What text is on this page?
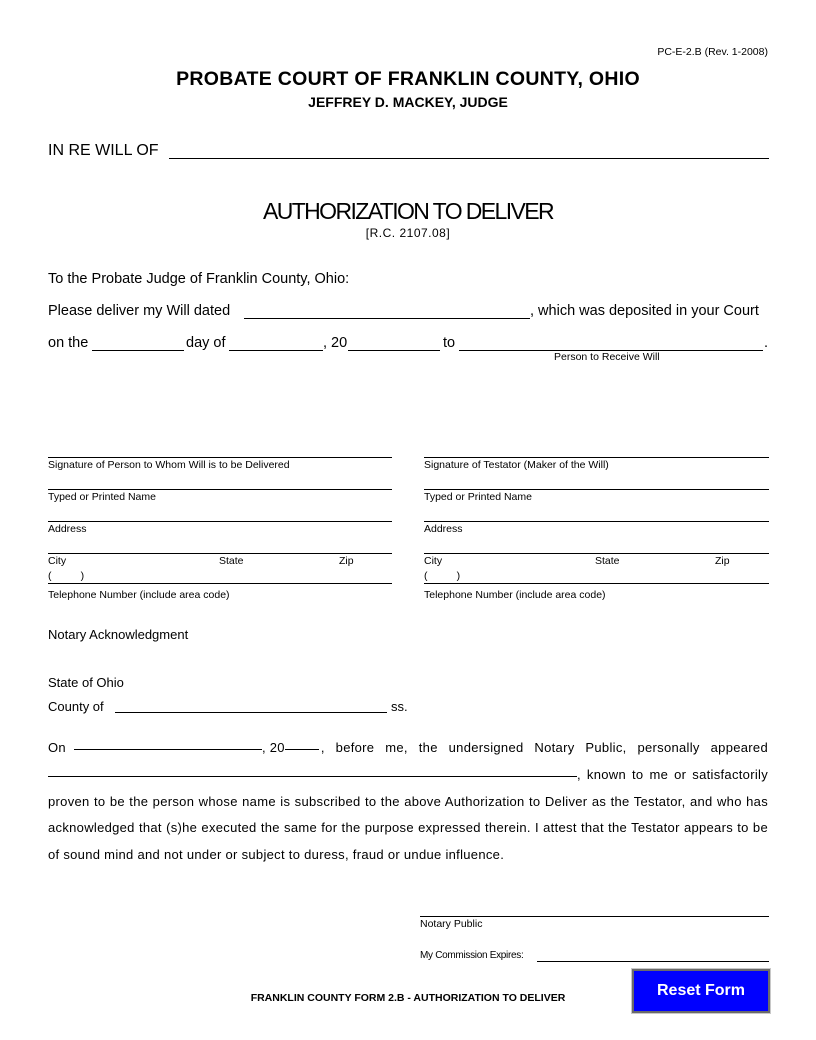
PC-E-2.B (Rev. 1-2008)
PROBATE COURT OF FRANKLIN COUNTY, OHIO
JEFFREY D. MACKEY, JUDGE
IN RE WILL OF
AUTHORIZATION TO DELIVER
[R.C. 2107.08]
To the Probate Judge of Franklin County, Ohio:
Please deliver my Will dated	, which was deposited in your Court
on the	day of	, 20	to	.
Person to Receive Will
Signature of Person to Whom Will is to be Delivered
Typed or Printed Name
Address
City	State	Zip
(          )
Telephone Number (include area code)
Signature of Testator (Maker of the Will)
Typed or Printed Name
Address
City	State	Zip
(          )
Telephone Number (include area code)
Notary Acknowledgment
State of Ohio
County of	ss.
On	, 20	, before me, the undersigned Notary Public, personally appeared
, known to me or satisfactorily
proven to be the person whose name is subscribed to the above Authorization to Deliver as the Testator, and who has acknowledged that (s)he executed the same for the purpose expressed therein. I attest that the Testator appears to be of sound mind and not under or subject to duress, fraud or undue influence.
Notary Public
My Commission Expires:
FRANKLIN COUNTY FORM 2.B - AUTHORIZATION TO DELIVER	Reset Form
